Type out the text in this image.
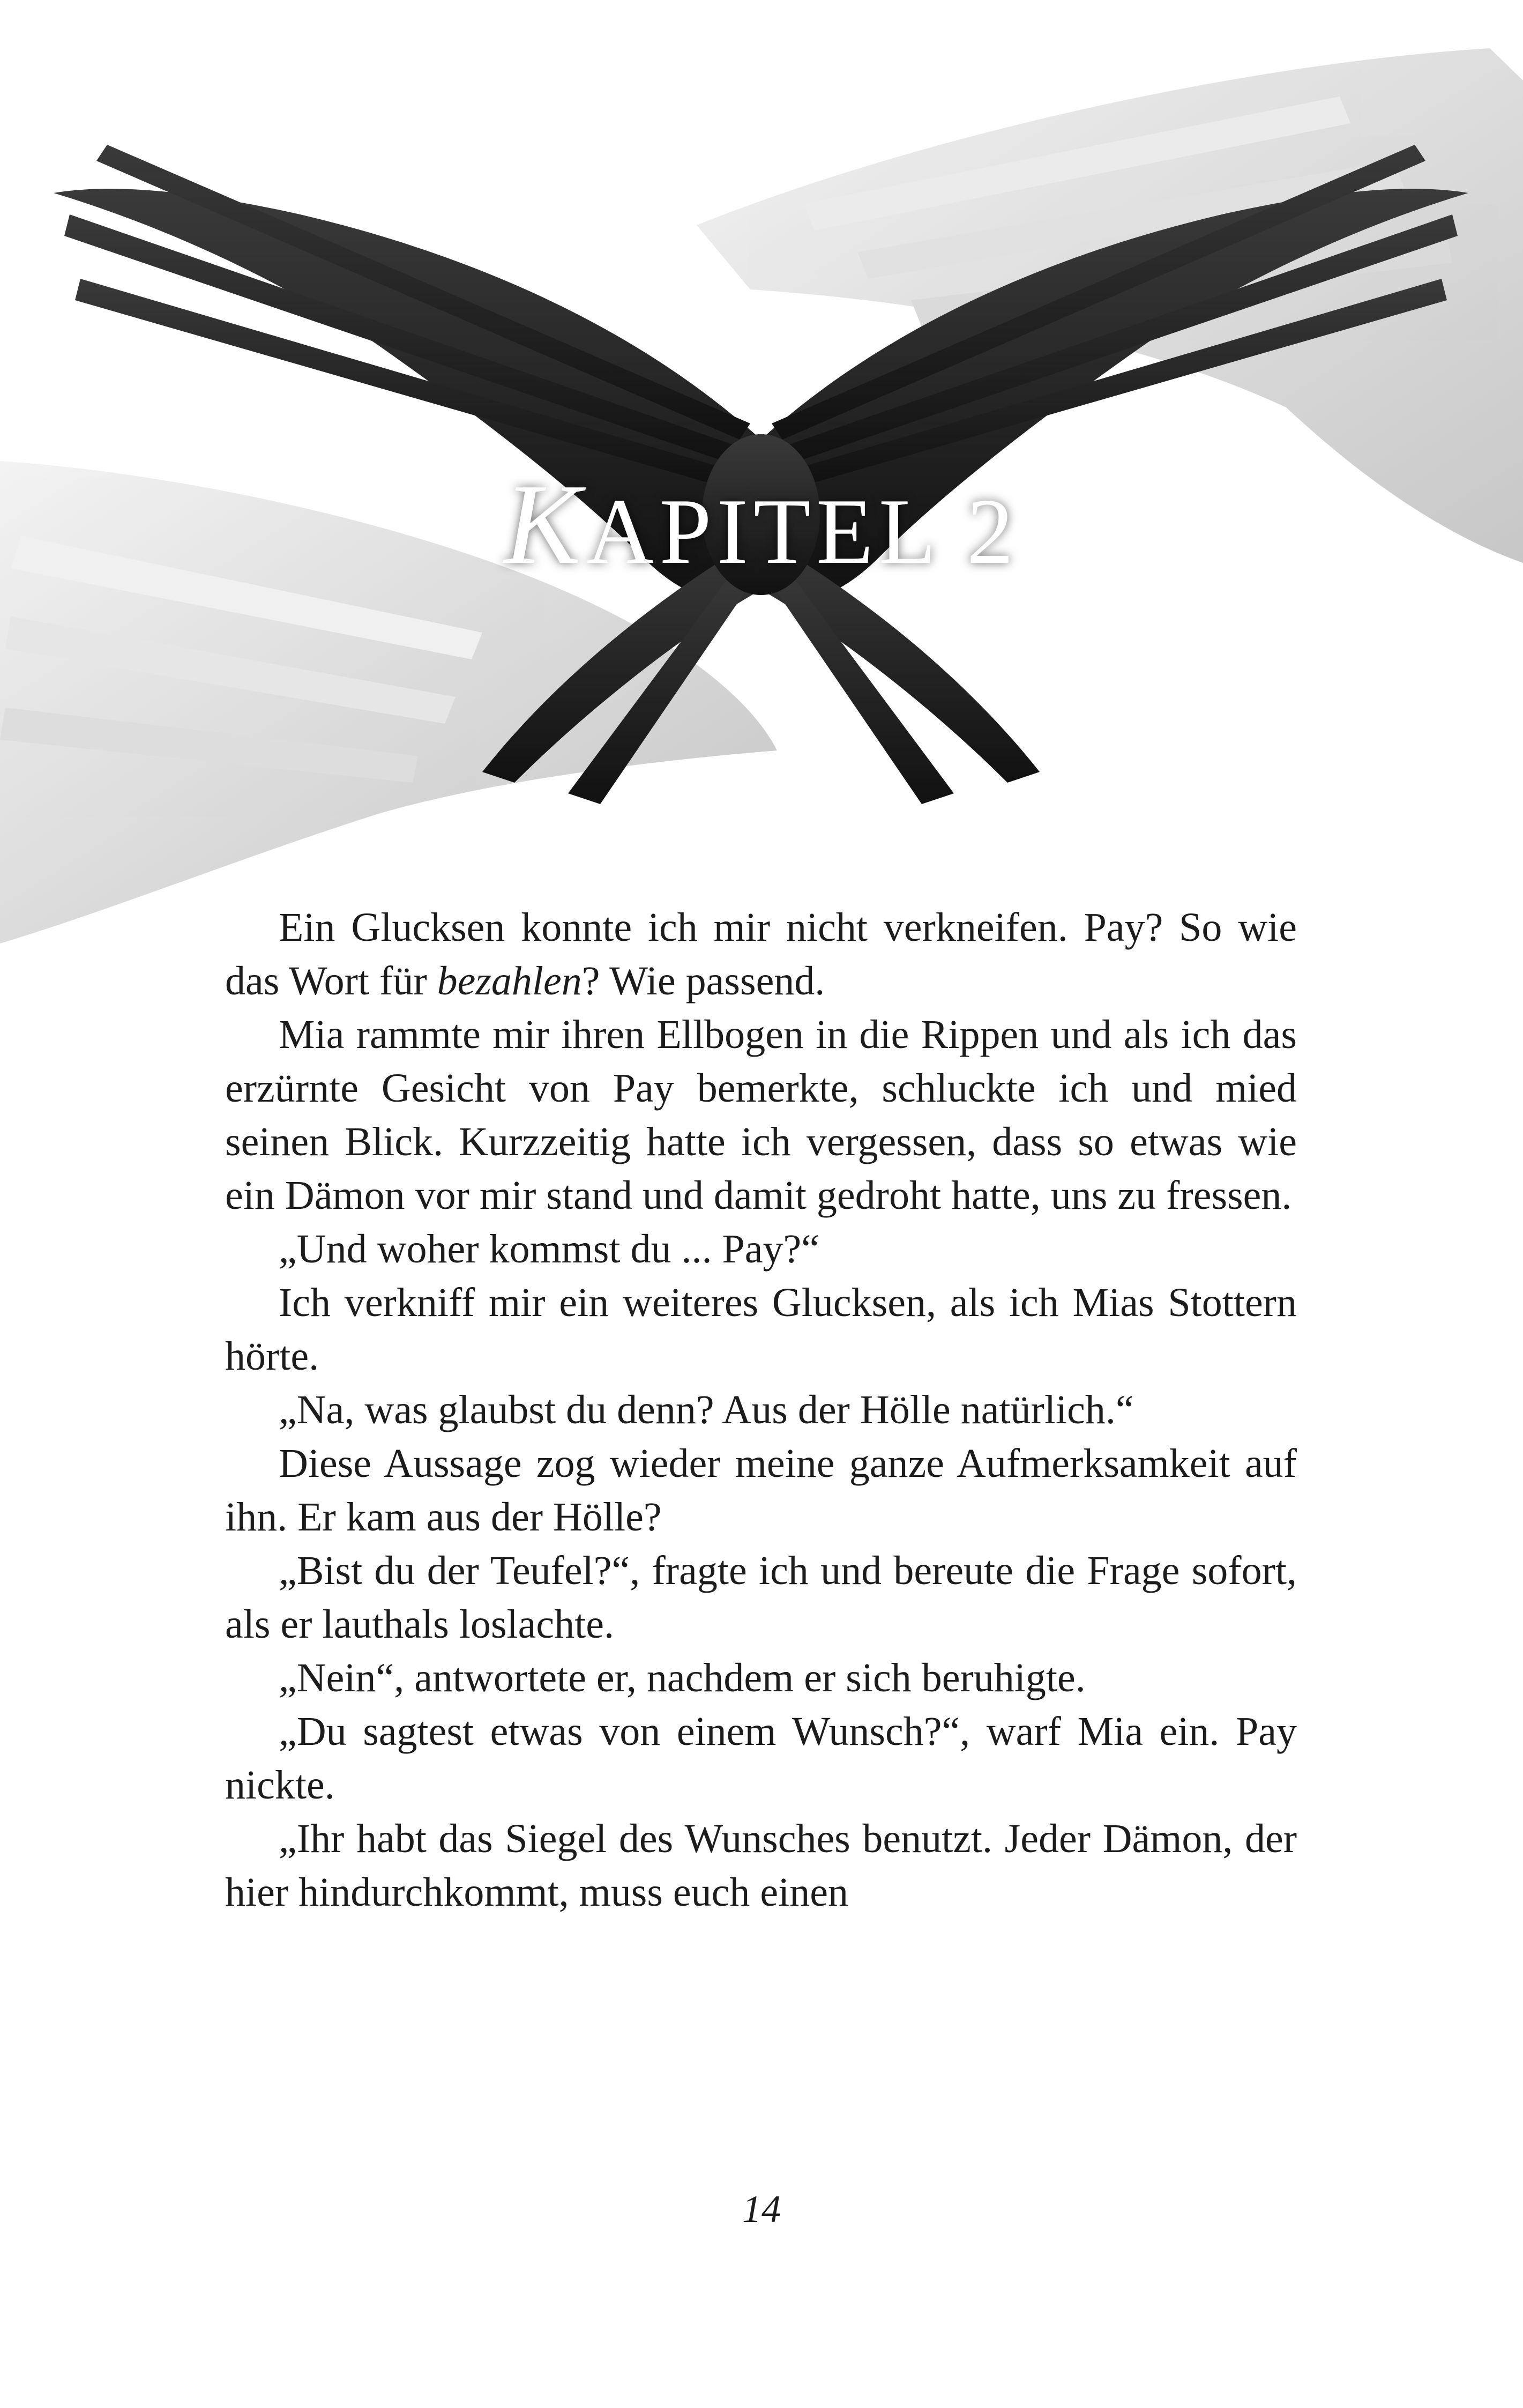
KAPITEL 2

Ein Glucksen konnte ich mir nicht verkneifen. Pay? So wie das Wort für bezahlen? Wie passend.

Mia rammte mir ihren Ellbogen in die Rippen und als ich das erzürnte Gesicht von Pay bemerkte, schluckte ich und mied seinen Blick. Kurzzeitig hatte ich vergessen, dass so etwas wie ein Dämon vor mir stand und damit gedroht hatte, uns zu fressen.

„Und woher kommst du ... Pay?“

Ich verkniff mir ein weiteres Glucksen, als ich Mias Stottern hörte.

„Na, was glaubst du denn? Aus der Hölle natürlich.“

Diese Aussage zog wieder meine ganze Aufmerksamkeit auf ihn. Er kam aus der Hölle?

„Bist du der Teufel?“, fragte ich und bereute die Frage sofort, als er lauthals loslachte.

„Nein“, antwortete er, nachdem er sich beruhigte.

„Du sagtest etwas von einem Wunsch?“, warf Mia ein. Pay nickte.

„Ihr habt das Siegel des Wunsches benutzt. Jeder Dämon, der hier hindurchkommt, muss euch einen

14
